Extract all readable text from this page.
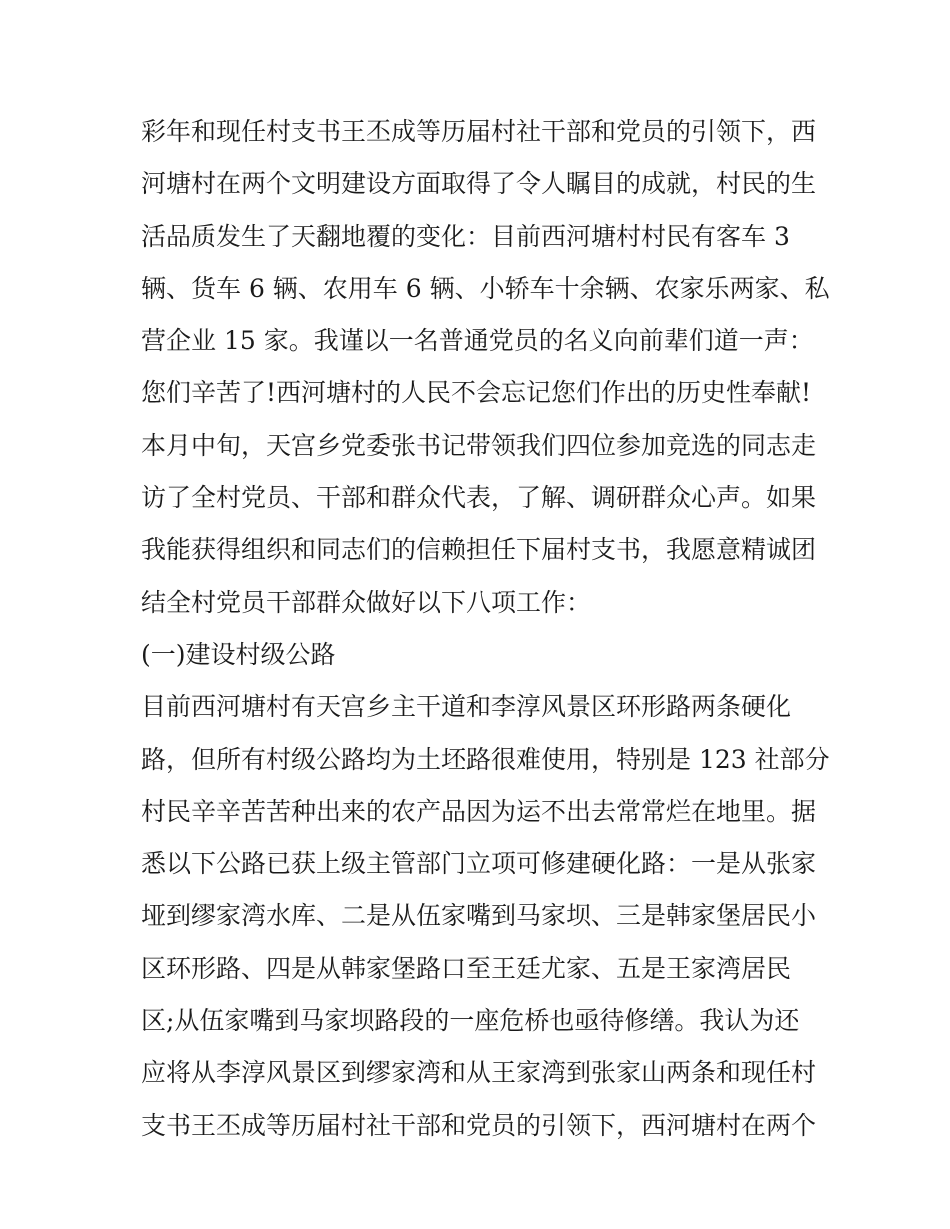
彩年和现任村支书王丕成等历届村社干部和党员的引领下，西
河塘村在两个文明建设方面取得了令人瞩目的成就，村民的生
活品质发生了天翻地覆的变化：目前西河塘村村民有客车 3
辆、货车 6 辆、农用车 6 辆、小轿车十余辆、农家乐两家、私
营企业 15 家。我谨以一名普通党员的名义向前辈们道一声：
您们辛苦了!西河塘村的人民不会忘记您们作出的历史性奉献!
本月中旬，天宫乡党委张书记带领我们四位参加竞选的同志走
访了全村党员、干部和群众代表，了解、调研群众心声。如果
我能获得组织和同志们的信赖担任下届村支书，我愿意精诚团
结全村党员干部群众做好以下八项工作：
(一)建设村级公路
目前西河塘村有天宫乡主干道和李淳风景区环形路两条硬化
路，但所有村级公路均为土坯路很难使用，特别是 123 社部分
村民辛辛苦苦种出来的农产品因为运不出去常常烂在地里。据
悉以下公路已获上级主管部门立项可修建硬化路：一是从张家
垭到缪家湾水库、二是从伍家嘴到马家坝、三是韩家堡居民小
区环形路、四是从韩家堡路口至王廷尤家、五是王家湾居民
区;从伍家嘴到马家坝路段的一座危桥也亟待修缮。我认为还
应将从李淳风景区到缪家湾和从王家湾到张家山两条和现任村
支书王丕成等历届村社干部和党员的引领下，西河塘村在两个
